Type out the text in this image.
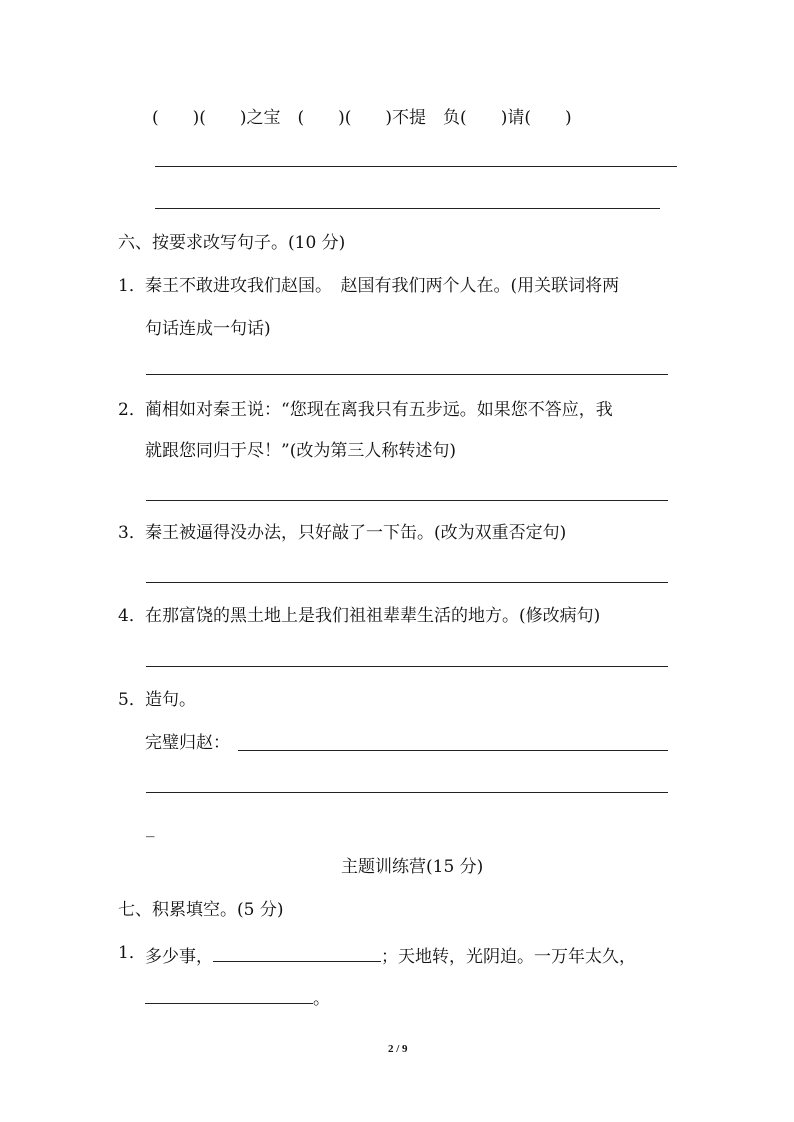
(　　)(　　)之宝　(　　)(　　)不提　负(　　)请(　　)
六、按要求改写句子。(10 分)
1． 秦王不敢进攻我们赵国。　赵国有我们两个人在。(用关联词将两
句话连成一句话)
2． 蔺相如对秦王说：“您现在离我只有五步远。如果您不答应，我
就跟您同归于尽！”(改为第三人称转述句)
3． 秦王被逼得没办法，只好敲了一下缶。(改为双重否定句)
4． 在那富饶的黑土地上是我们祖祖辈辈生活的地方。(修改病句)
5． 造句。
完璧归赵：
_
主题训练营(15 分)
七、积累填空。(5 分)
1． 多少事，	；天地转，光阴迫。一万年太久，
。
2 / 9
